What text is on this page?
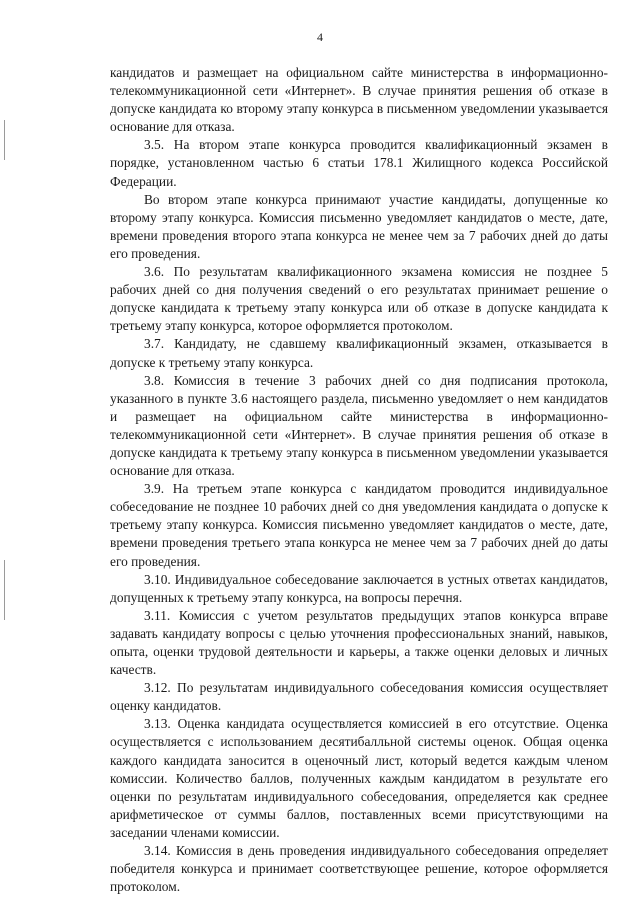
4

кандидатов и размещает на официальном сайте министерства в информационно-телекоммуникационной сети «Интернет». В случае принятия решения об отказе в допуске кандидата ко второму этапу конкурса в письменном уведомлении указывается основание для отказа.

3.5. На втором этапе конкурса проводится квалификационный экзамен в порядке, установленном частью 6 статьи 178.1 Жилищного кодекса Российской Федерации.

Во втором этапе конкурса принимают участие кандидаты, допущенные ко второму этапу конкурса. Комиссия письменно уведомляет кандидатов о месте, дате, времени проведения второго этапа конкурса не менее чем за 7 рабочих дней до даты его проведения.

3.6. По результатам квалификационного экзамена комиссия не позднее 5 рабочих дней со дня получения сведений о его результатах принимает решение о допуске кандидата к третьему этапу конкурса или об отказе в допуске кандидата к третьему этапу конкурса, которое оформляется протоколом.

3.7. Кандидату, не сдавшему квалификационный экзамен, отказывается в допуске к третьему этапу конкурса.

3.8. Комиссия в течение 3 рабочих дней со дня подписания протокола, указанного в пункте 3.6 настоящего раздела, письменно уведомляет о нем кандидатов и размещает на официальном сайте министерства в информационно-телекоммуникационной сети «Интернет». В случае принятия решения об отказе в допуске кандидата к третьему этапу конкурса в письменном уведомлении указывается основание для отказа.

3.9. На третьем этапе конкурса с кандидатом проводится индивидуальное собеседование не позднее 10 рабочих дней со дня уведомления кандидата о допуске к третьему этапу конкурса. Комиссия письменно уведомляет кандидатов о месте, дате, времени проведения третьего этапа конкурса не менее чем за 7 рабочих дней до даты его проведения.

3.10. Индивидуальное собеседование заключается в устных ответах кандидатов, допущенных к третьему этапу конкурса, на вопросы перечня.

3.11. Комиссия с учетом результатов предыдущих этапов конкурса вправе задавать кандидату вопросы с целью уточнения профессиональных знаний, навыков, опыта, оценки трудовой деятельности и карьеры, а также оценки деловых и личных качеств.

3.12. По результатам индивидуального собеседования комиссия осуществляет оценку кандидатов.

3.13. Оценка кандидата осуществляется комиссией в его отсутствие. Оценка осуществляется с использованием десятибалльной системы оценок. Общая оценка каждого кандидата заносится в оценочный лист, который ведется каждым членом комиссии. Количество баллов, полученных каждым кандидатом в результате его оценки по результатам индивидуального собеседования, определяется как среднее арифметическое от суммы баллов, поставленных всеми присутствующими на заседании членами комиссии.

3.14. Комиссия в день проведения индивидуального собеседования определяет победителя конкурса и принимает соответствующее решение, которое оформляется протоколом.
